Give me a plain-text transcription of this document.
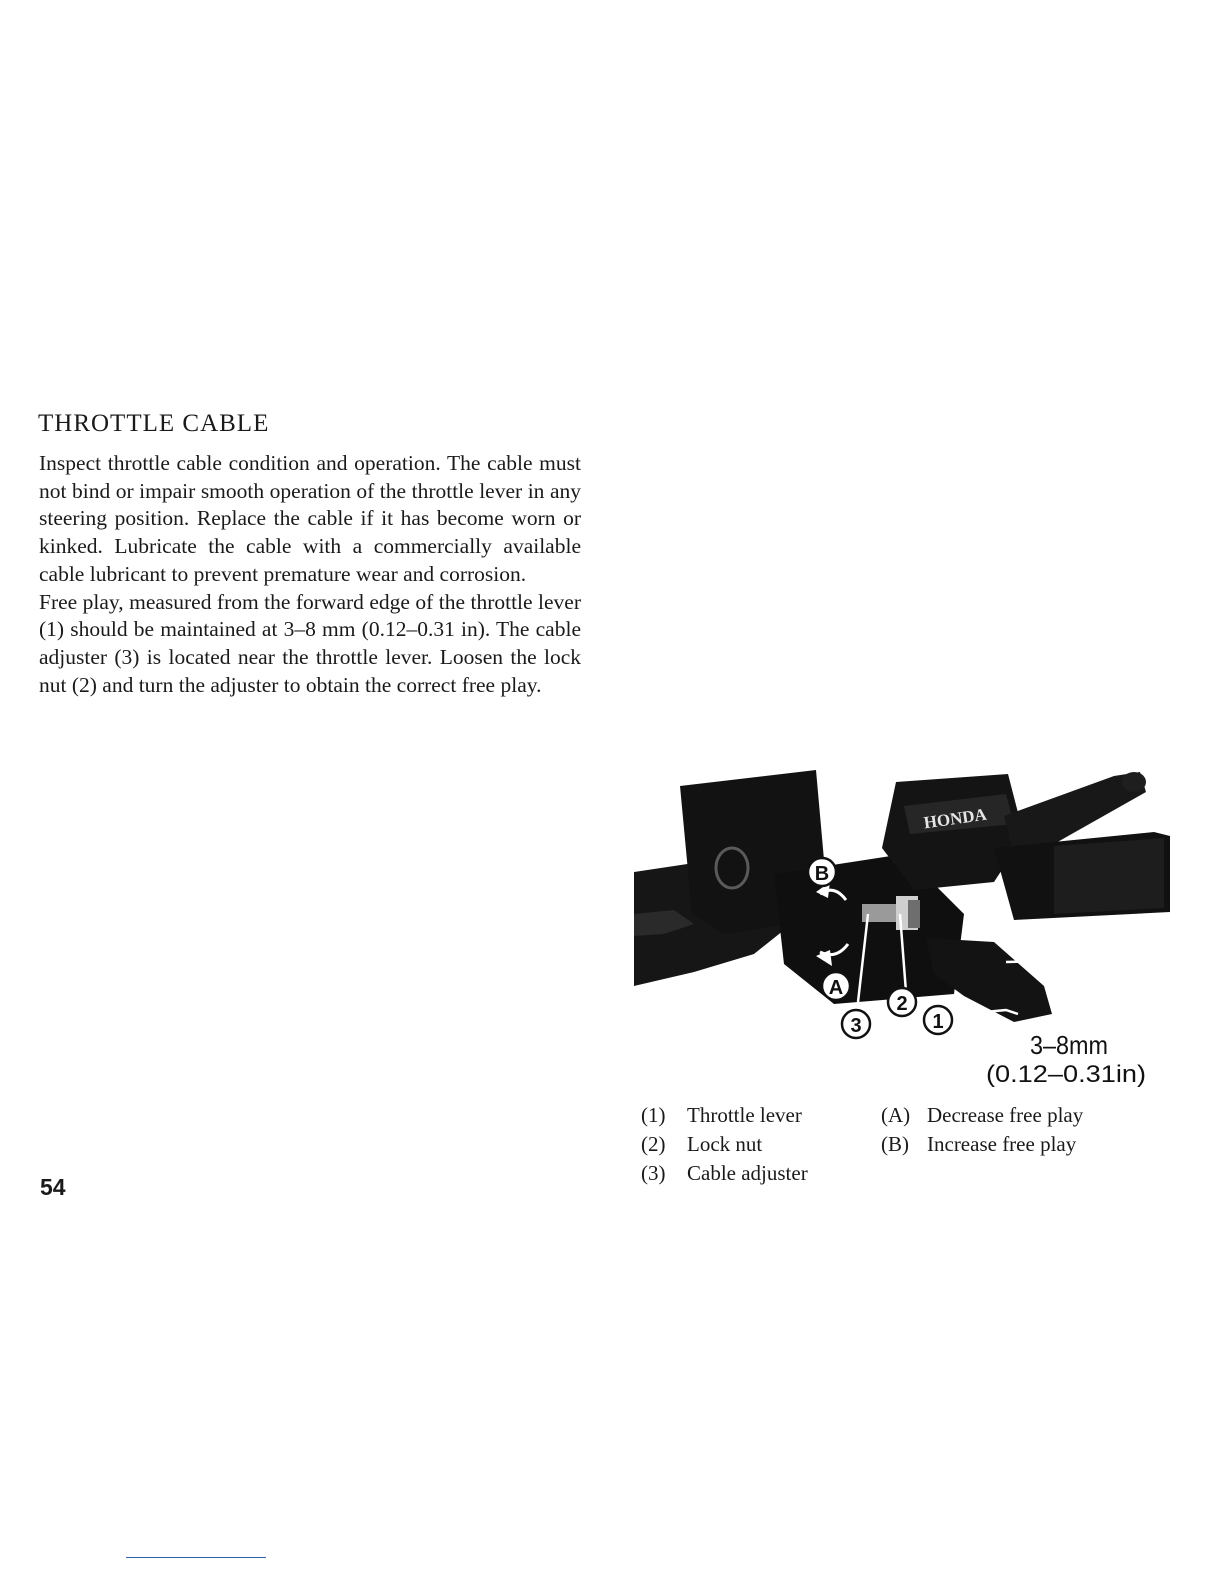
THROTTLE CABLE

Inspect throttle cable condition and operation. The cable must not bind or impair smooth operation of the throttle lever in any steering position. Replace the cable if it has become worn or kinked. Lubricate the cable with a commercially available cable lubricant to prevent premature wear and corrosion.

Free play, measured from the forward edge of the throttle lever (1) should be maintained at 3–8 mm (0.12–0.31 in). The cable adjuster (3) is located near the throttle lever. Loosen the lock nut (2) and turn the adjuster to obtain the correct free play.

B
A
3
2
1
HONDA
3–8mm
(0.12–0.31in)
(1)	Throttle lever
(2)	Lock nut
(3)	Cable adjuster
(A) Decrease free play
(B) Increase free play
54
